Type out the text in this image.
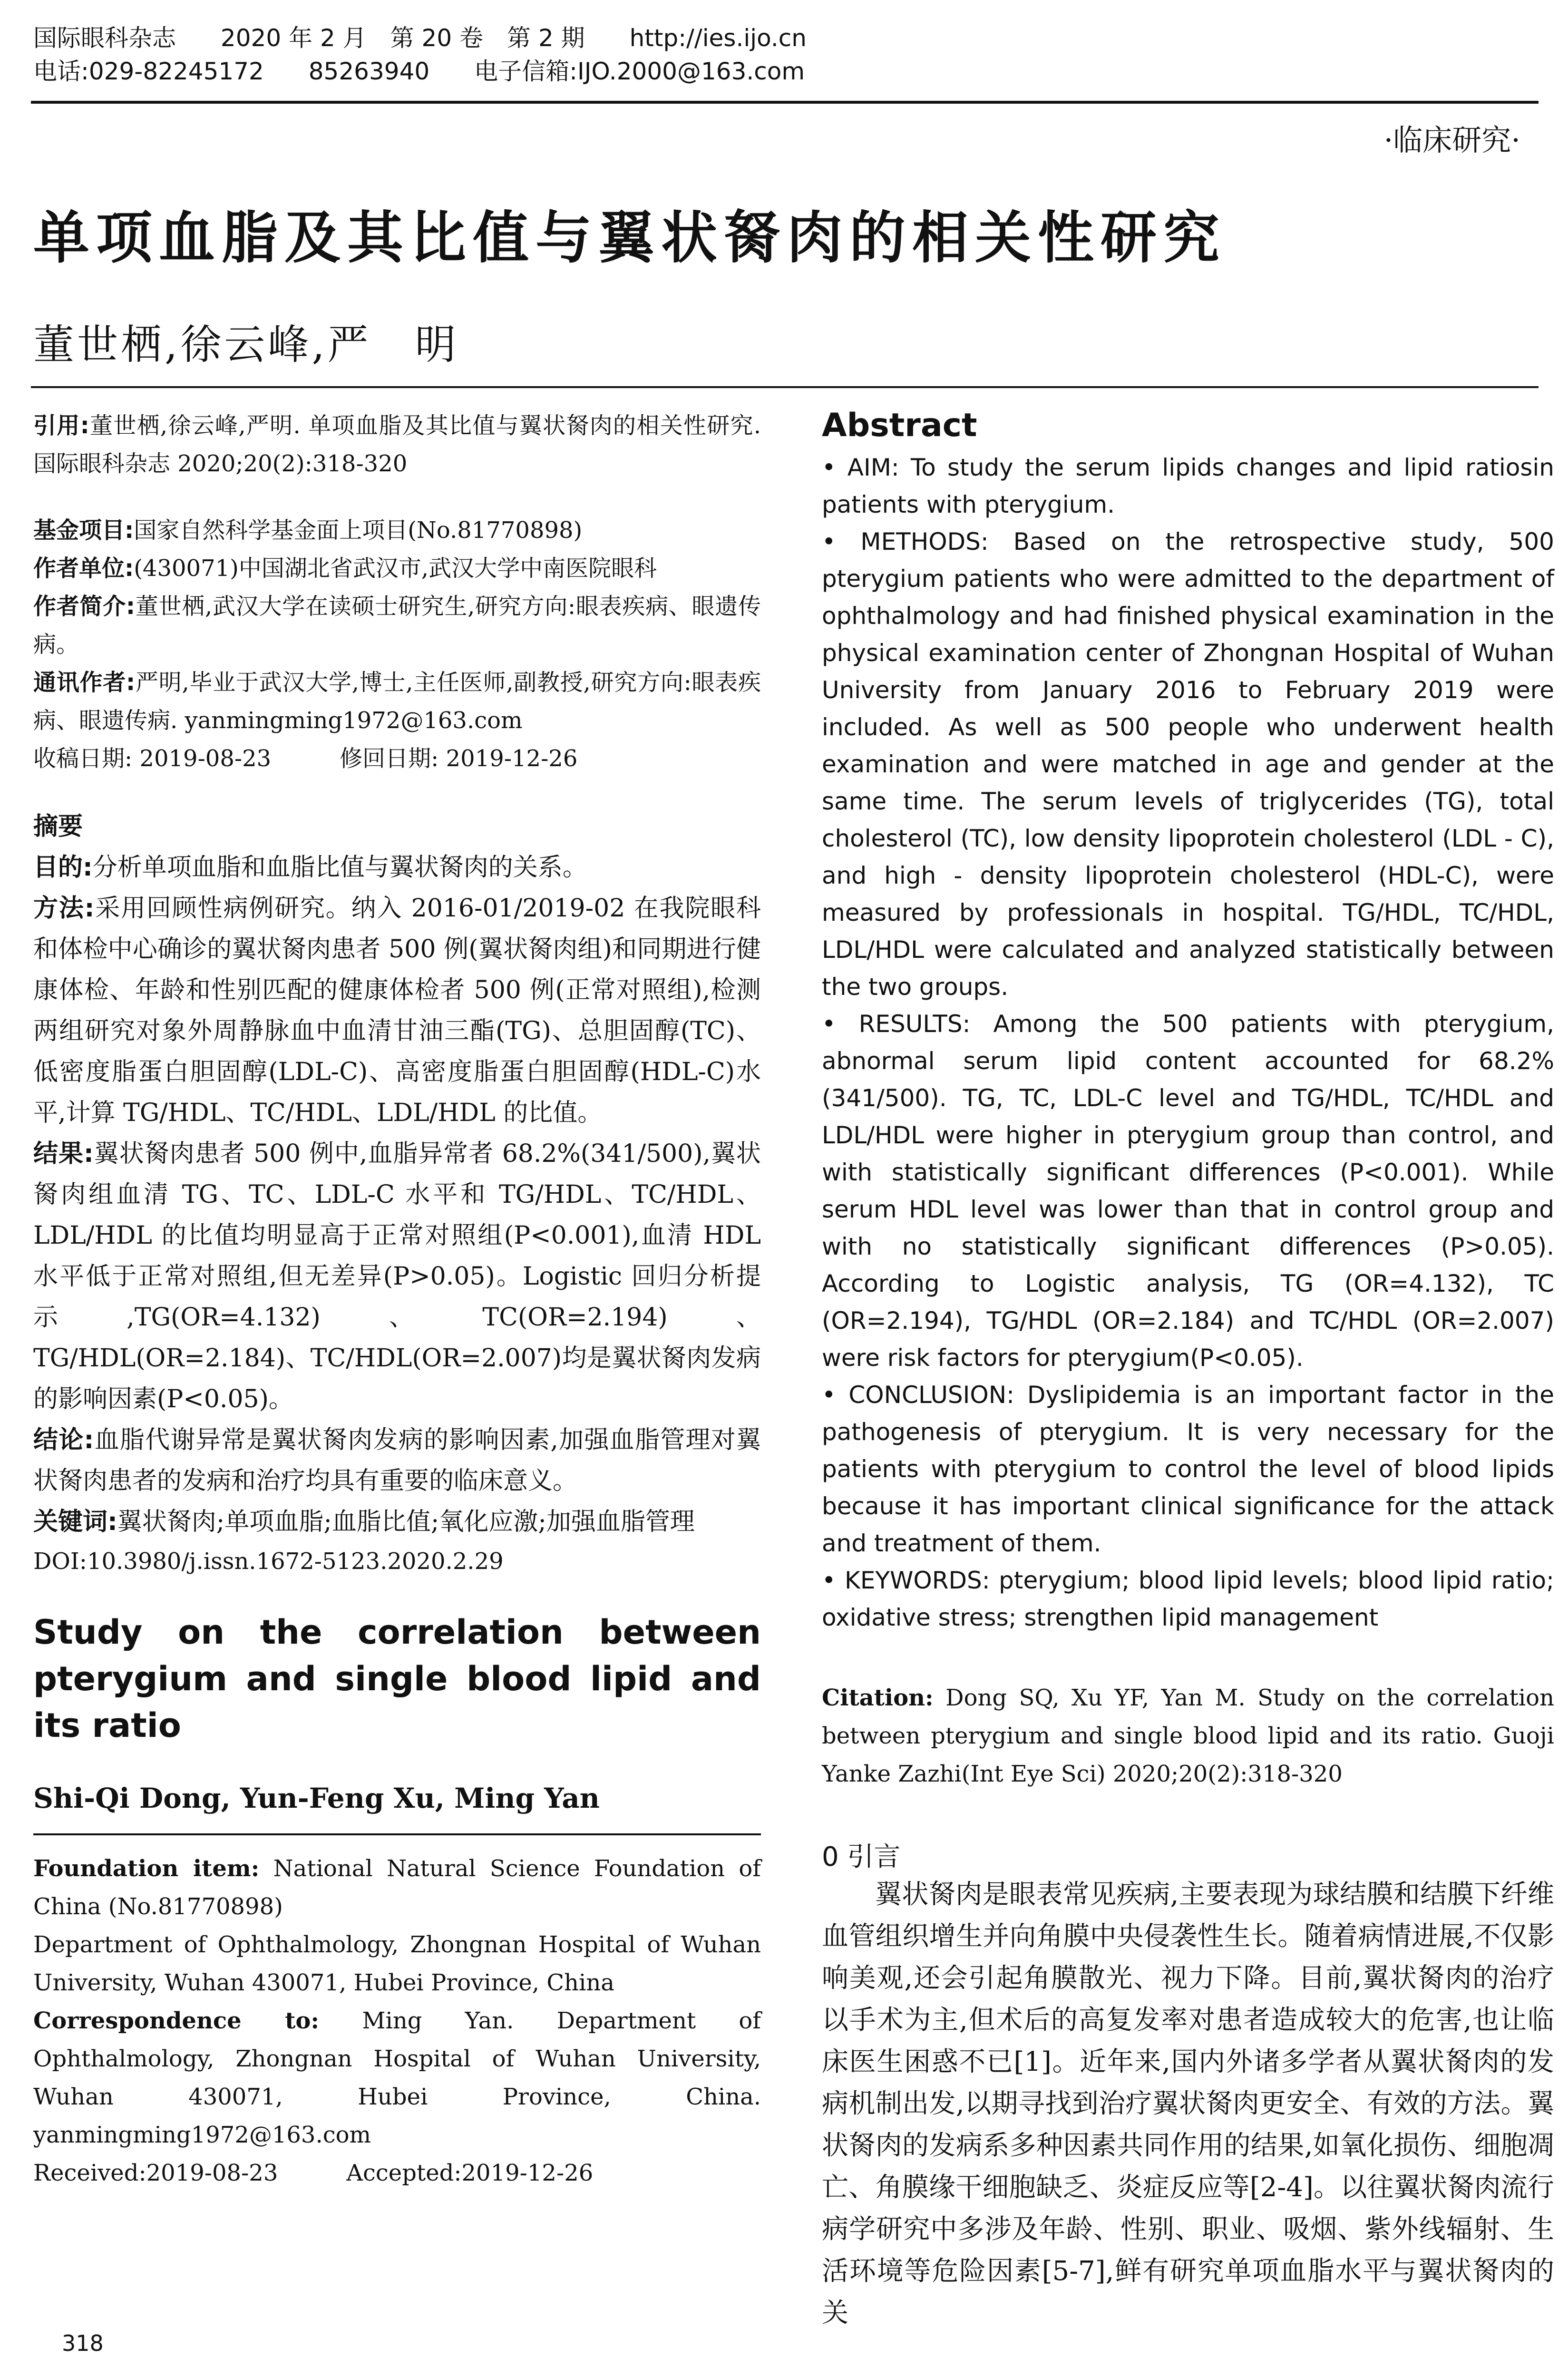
国际眼科杂志 2020 年 2 月　第 20 卷　第 2 期 http://ies.ijo.cn
电话:029-82245172 85263940 电子信箱:IJO.2000@163.com
·临床研究·
单项血脂及其比值与翼状胬肉的相关性研究
董世栖,徐云峰,严　明

引用:董世栖,徐云峰,严明. 单项血脂及其比值与翼状胬肉的相关性研究.国际眼科杂志 2020;20(2):318-320

基金项目:国家自然科学基金面上项目(No.81770898)

作者单位:(430071)中国湖北省武汉市,武汉大学中南医院眼科

作者简介:董世栖,武汉大学在读硕士研究生,研究方向:眼表疾病、眼遗传病。

通讯作者:严明,毕业于武汉大学,博士,主任医师,副教授,研究方向:眼表疾病、眼遗传病. yanmingming1972@163.com

收稿日期: 2019-08-23　　　修回日期: 2019-12-26

摘要

目的:分析单项血脂和血脂比值与翼状胬肉的关系。

方法:采用回顾性病例研究。纳入 2016-01/2019-02 在我院眼科和体检中心确诊的翼状胬肉患者 500 例(翼状胬肉组)和同期进行健康体检、年龄和性别匹配的健康体检者 500 例(正常对照组),检测两组研究对象外周静脉血中血清甘油三酯(TG)、总胆固醇(TC)、低密度脂蛋白胆固醇(LDL-C)、高密度脂蛋白胆固醇(HDL-C)水平,计算 TG/HDL、TC/HDL、LDL/HDL 的比值。

结果:翼状胬肉患者 500 例中,血脂异常者 68.2%(341/500),翼状胬肉组血清 TG、TC、LDL-C 水平和 TG/HDL、TC/HDL、LDL/HDL 的比值均明显高于正常对照组(P<0.001),血清 HDL 水平低于正常对照组,但无差异(P>0.05)。Logistic 回归分析提示,TG(OR=4.132)、TC(OR=2.194)、TG/HDL(OR=2.184)、TC/HDL(OR=2.007)均是翼状胬肉发病的影响因素(P<0.05)。

结论:血脂代谢异常是翼状胬肉发病的影响因素,加强血脂管理对翼状胬肉患者的发病和治疗均具有重要的临床意义。

关键词:翼状胬肉;单项血脂;血脂比值;氧化应激;加强血脂管理

DOI:10.3980/j.issn.1672-5123.2020.2.29

Study on the correlation between pterygium and single blood lipid and its ratio

Shi-Qi Dong, Yun-Feng Xu, Ming Yan

Foundation item: National Natural Science Foundation of China (No.81770898)

Department of Ophthalmology, Zhongnan Hospital of Wuhan University, Wuhan 430071, Hubei Province, China

Correspondence to: Ming Yan. Department of Ophthalmology, Zhongnan Hospital of Wuhan University, Wuhan 430071, Hubei Province, China. yanmingming1972@163.com

Received:2019-08-23　　　Accepted:2019-12-26

Abstract

• AIM: To study the serum lipids changes and lipid ratiosin patients with pterygium.

• METHODS: Based on the retrospective study, 500 pterygium patients who were admitted to the department of ophthalmology and had finished physical examination in the physical examination center of Zhongnan Hospital of Wuhan University from January 2016 to February 2019 were included. As well as 500 people who underwent health examination and were matched in age and gender at the same time. The serum levels of triglycerides (TG), total cholesterol (TC), low density lipoprotein cholesterol (LDL - C), and high - density lipoprotein cholesterol (HDL-C), were measured by professionals in hospital. TG/HDL, TC/HDL, LDL/HDL were calculated and analyzed statistically between the two groups.

• RESULTS: Among the 500 patients with pterygium, abnormal serum lipid content accounted for 68.2% (341/500). TG, TC, LDL-C level and TG/HDL, TC/HDL and LDL/HDL were higher in pterygium group than control, and with statistically significant differences (P<0.001). While serum HDL level was lower than that in control group and with no statistically significant differences (P>0.05). According to Logistic analysis, TG (OR=4.132), TC (OR=2.194), TG/HDL (OR=2.184) and TC/HDL (OR=2.007) were risk factors for pterygium(P<0.05).

• CONCLUSION: Dyslipidemia is an important factor in the pathogenesis of pterygium. It is very necessary for the patients with pterygium to control the level of blood lipids because it has important clinical significance for the attack and treatment of them.

• KEYWORDS: pterygium; blood lipid levels; blood lipid ratio; oxidative stress; strengthen lipid management

Citation: Dong SQ, Xu YF, Yan M. Study on the correlation between pterygium and single blood lipid and its ratio. Guoji Yanke Zazhi(Int Eye Sci) 2020;20(2):318-320

0 引言

翼状胬肉是眼表常见疾病,主要表现为球结膜和结膜下纤维血管组织增生并向角膜中央侵袭性生长。随着病情进展,不仅影响美观,还会引起角膜散光、视力下降。目前,翼状胬肉的治疗以手术为主,但术后的高复发率对患者造成较大的危害,也让临床医生困惑不已[1]。近年来,国内外诸多学者从翼状胬肉的发病机制出发,以期寻找到治疗翼状胬肉更安全、有效的方法。翼状胬肉的发病系多种因素共同作用的结果,如氧化损伤、细胞凋亡、角膜缘干细胞缺乏、炎症反应等[2-4]。以往翼状胬肉流行病学研究中多涉及年龄、性别、职业、吸烟、紫外线辐射、生活环境等危险因素[5-7],鲜有研究单项血脂水平与翼状胬肉的关

318
